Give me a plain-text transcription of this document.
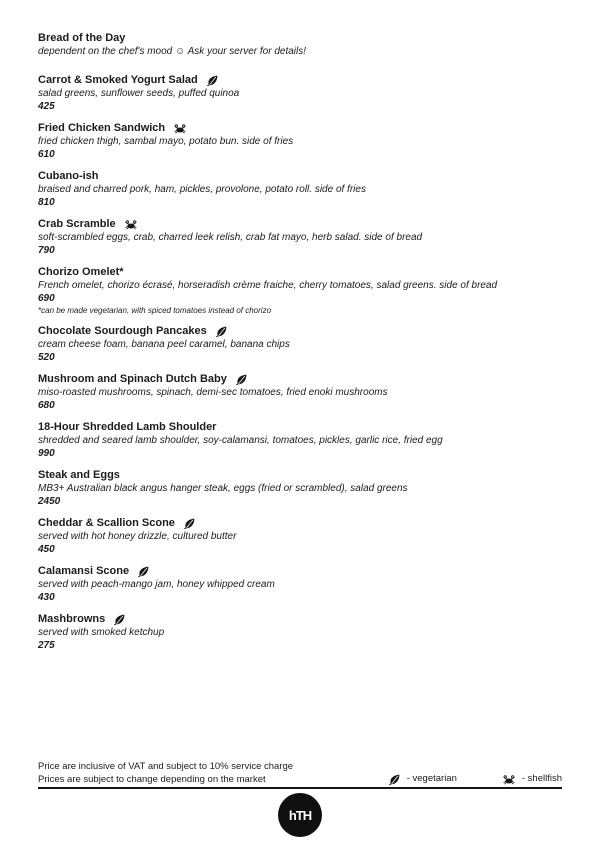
Bread of the Day
dependent on the chef's mood ☺ Ask your server for details!
Carrot & Smoked Yogurt Salad
salad greens, sunflower seeds, puffed quinoa
425
Fried Chicken Sandwich
fried chicken thigh, sambal mayo, potato bun. side of fries
610
Cubano-ish
braised and charred pork, ham, pickles, provolone, potato roll. side of fries
810
Crab Scramble
soft-scrambled eggs, crab, charred leek relish, crab fat mayo, herb salad. side of bread
790
Chorizo Omelet*
French omelet, chorizo écrasé, horseradish crème fraiche, cherry tomatoes, salad greens. side of bread
690
*can be made vegetarian, with spiced tomatoes instead of chorizo
Chocolate Sourdough Pancakes
cream cheese foam, banana peel caramel, banana chips
520
Mushroom and Spinach Dutch Baby
miso-roasted mushrooms, spinach, demi-sec tomatoes, fried enoki mushrooms
680
18-Hour Shredded Lamb Shoulder
shredded and seared lamb shoulder, soy-calamansi, tomatoes, pickles, garlic rice, fried egg
990
Steak and Eggs
MB3+ Australian black angus hanger steak, eggs (fried or scrambled), salad greens
2450
Cheddar & Scallion Scone
served with hot honey drizzle, cultured butter
450
Calamansi Scone
served with peach-mango jam, honey whipped cream
430
Mashbrowns
served with smoked ketchup
275
Price are inclusive of VAT and subject to 10% service charge
Prices are subject to change depending on the market	- vegetarian	- shellfish
hTH
